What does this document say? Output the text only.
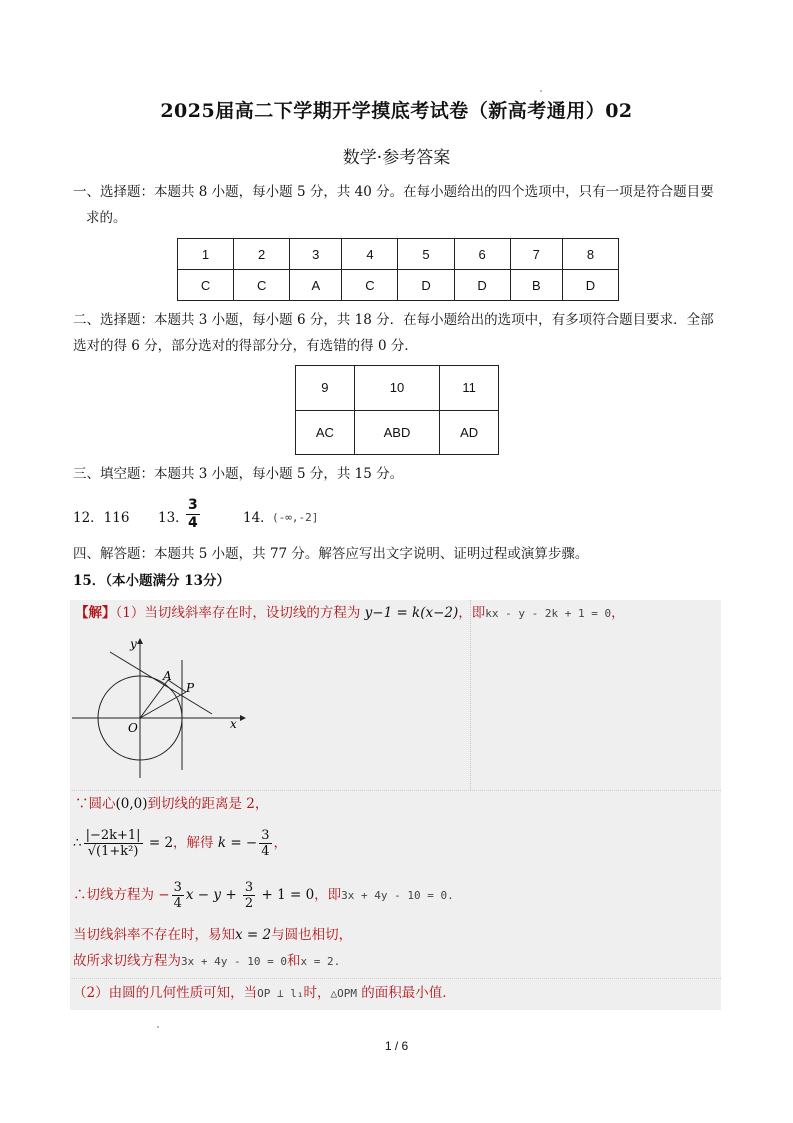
2025届高二下学期开学摸底考试卷（新高考通用）02
数学·参考答案
一、选择题：本题共 8 小题，每小题 5 分，共 40 分。在每小题给出的四个选项中，只有一项是符合题目要
求的。
1	2	3	4	5	6	7	8
C	C	A	C	D	D	B	D
二、选择题：本题共 3 小题，每小题 6 分，共 18 分．在每小题给出的选项中，有多项符合题目要求．全部
选对的得 6 分，部分选对的得部分分，有选错的得 0 分．
9	10	11
AC	ABD	AD
三、填空题：本题共 3 小题，每小题 5 分，共 15 分。
12．116 13．
$\frac{3}{4}$	14．
(-∞,-2]
四、解答题：本题共 5 小题，共 77 分。解答应写出文字说明、证明过程或演算步骤。
15．（本小题满分 13分）
【解】（1）当切线斜率存在时，设切线的方程为 y−1 = k(x−2)，即kx - y - 2k + 1 = 0，
y
x
O
A
P
∵圆心(0,0)到切线的距离是 2，
∴ $\frac{|-2k+1|}{\text{√(1+k²)}} = 2$，解得 k = − $\frac{3}{4}$ ，
∴切线方程为 − $\frac{3}{4}$ $x - y + \frac{3}{2} + 1 = 0$，即3x + 4y - 10 = 0.
当切线斜率不存在时，易知x = 2与圆也相切，
故所求切线方程为3x + 4y - 10 = 0和x = 2.
（2）由圆的几何性质可知，当OP ⊥ l₁时，△OPM 的面积最小值．
1 / 6
